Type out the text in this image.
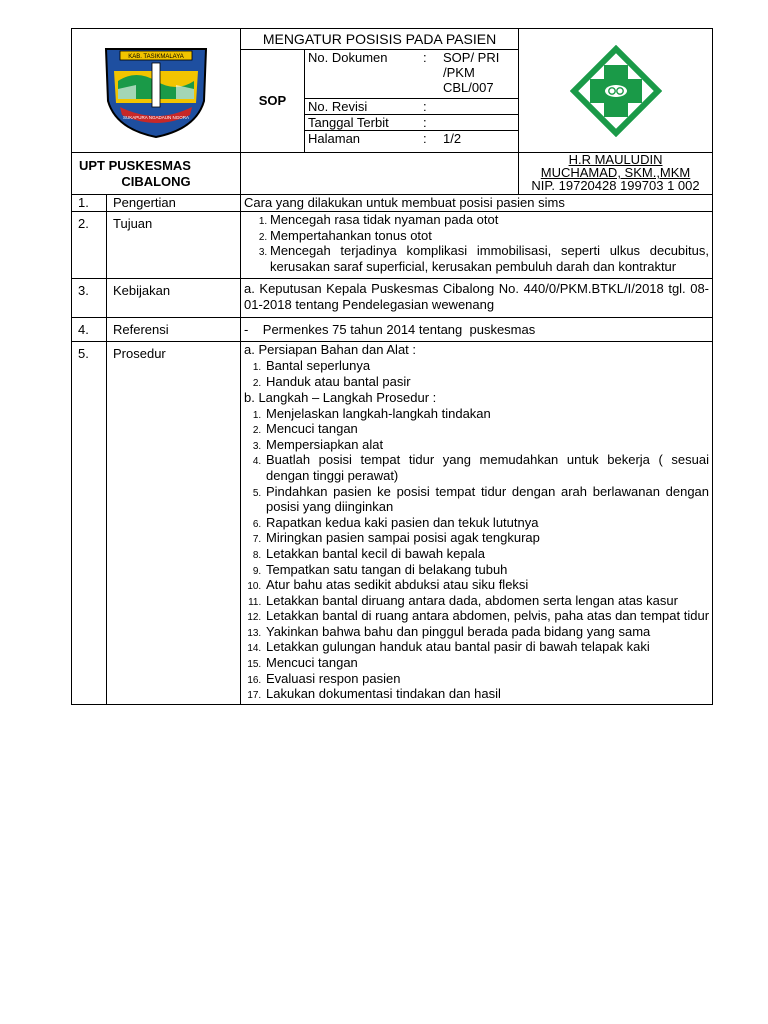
KAB. TASIKMALAYA
SUKAPURA NGADAUN NGORA
	MENGATUR POSISIS PADA PASIEN	

SOP	
No. Dokumen	:	SOP/ PRI /PKM CBL/007
No. Revisi	:	
Tanggal Terbit	:	
Halaman	:	1/2

UPT PUSKESMAS
CIBALONG

H.R MAULUDIN
MUCHAMAD, SKM.,MKM
NIP. 19720428 199703 1 002

1.	Pengertian	Cara yang dilakukan untuk membuat posisi pasien sims
2.	Tujuan	
1.Mencegah rasa tidak nyaman pada otot
2. Mempertahankan tonus otot
3. Mencegah terjadinya komplikasi immobilisasi, seperti ulkus decubitus, kerusakan saraf superficial, kerusakan pembuluh darah dan kontraktur

3.	Kebijakan	a. Keputusan Kepala Puskesmas Cibalong No. 440/0/PKM.BTKL/I/2018 tgl. 08-01-2018 tentang Pendelegasian wewenang
4.	Referensi	-    Permenkes 75 tahun 2014 tentang  puskesmas
5.	Prosedur	a. Persiapan Bahan dan Alat :
1. Bantal seperlunya
2. Handuk atau bantal pasir
b. Langkah – Langkah Prosedur :
1. Menjelaskan langkah-langkah tindakan
2. Mencuci tangan
3. Mempersiapkan alat
4. Buatlah posisi tempat tidur yang memudahkan untuk bekerja ( sesuai dengan tinggi perawat)
5. Pindahkan pasien ke posisi tempat tidur dengan arah berlawanan dengan posisi yang diinginkan
6. Rapatkan kedua kaki pasien dan tekuk lututnya
7. Miringkan pasien sampai posisi agak tengkurap
8. Letakkan bantal kecil di bawah kepala
9. Tempatkan satu tangan di belakang tubuh
10. Atur bahu atas sedikit abduksi atau siku fleksi
11. Letakkan bantal diruang antara dada, abdomen serta lengan atas kasur
12. Letakkan bantal di ruang antara abdomen, pelvis, paha atas dan tempat tidur
13. Yakinkan bahwa bahu dan pinggul berada pada bidang yang sama
14. Letakkan gulungan handuk atau bantal pasir di bawah telapak kaki
15. Mencuci tangan
16. Evaluasi respon pasien
17. Lakukan dokumentasi tindakan dan hasil
